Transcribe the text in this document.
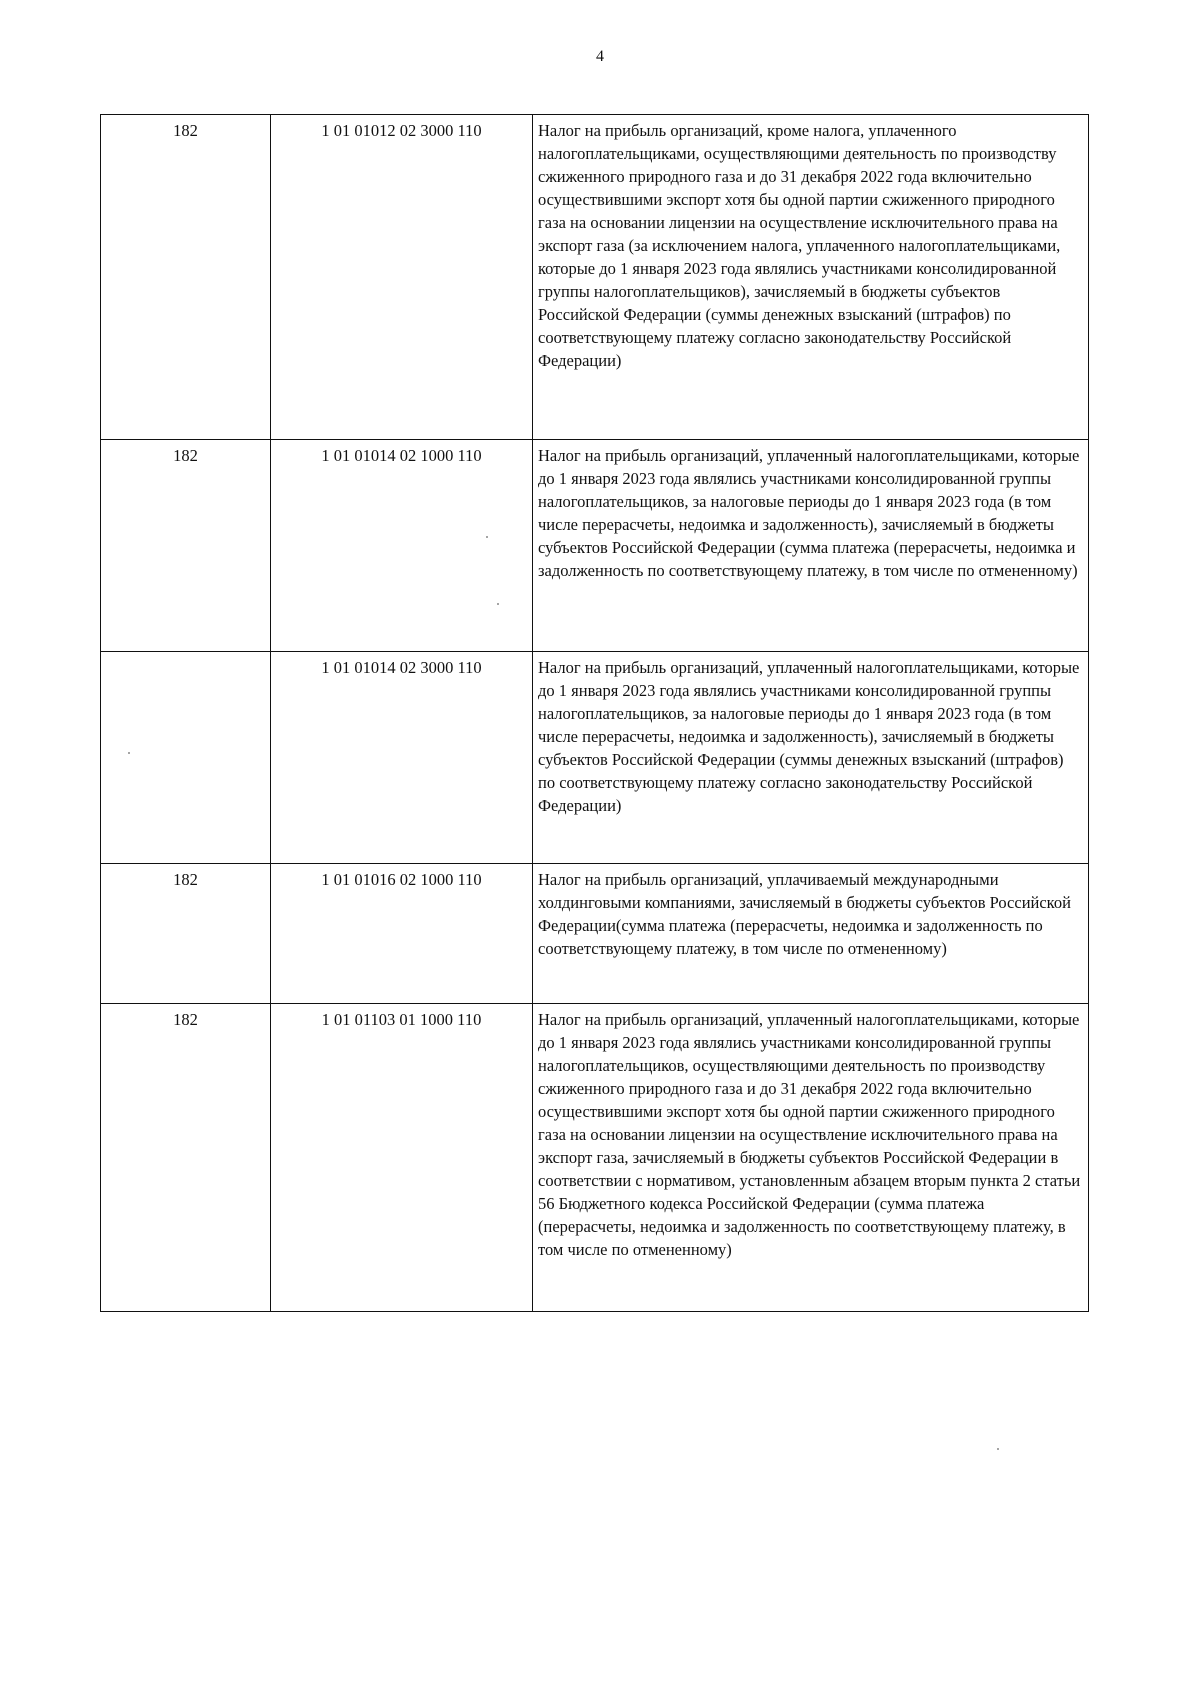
4
182	1 01 01012 02 3000 110	Налог на прибыль организаций, кроме налога, уплаченного налогоплательщиками, осуществляющими деятельность по производству сжиженного природного газа и до 31 декабря 2022 года включительно осуществившими экспорт хотя бы одной партии сжиженного природного газа на основании лицензии на осуществление исключительного права на экспорт газа (за исключением налога, уплаченного налогоплательщиками, которые до 1 января 2023 года являлись участниками консолидированной группы налогоплательщиков), зачисляемый в бюджеты субъектов Российской Федерации (суммы денежных взысканий (штрафов) по соответствующему платежу согласно законодательству Российской Федерации)
182	1 01 01014 02 1000 110	Налог на прибыль организаций, уплаченный налогоплательщиками, которые до 1 января 2023 года являлись участниками консолидированной группы налогоплательщиков, за налоговые периоды до 1 января 2023 года (в том числе перерасчеты, недоимка и задолженность), зачисляемый в бюджеты субъектов Российской Федерации (сумма платежа (перерасчеты, недоимка и задолженность по соответствующему платежу, в том числе по отмененному)
	1 01 01014 02 3000 110	Налог на прибыль организаций, уплаченный налогоплательщиками, которые до 1 января 2023 года являлись участниками консолидированной группы налогоплательщиков, за налоговые периоды до 1 января 2023 года (в том числе перерасчеты, недоимка и задолженность), зачисляемый в бюджеты субъектов Российской Федерации (суммы денежных взысканий (штрафов) по соответствующему платежу согласно законодательству Российской Федерации)
182	1 01 01016 02 1000 110	Налог на прибыль организаций, уплачиваемый международными холдинговыми компаниями, зачисляемый в бюджеты субъектов Российской Федерации(сумма платежа (перерасчеты, недоимка и задолженность по соответствующему платежу, в том числе по отмененному)
182	1 01 01103 01 1000 110	Налог на прибыль организаций, уплаченный налогоплательщиками, которые до 1 января 2023 года являлись участниками консолидированной группы налогоплательщиков, осуществляющими деятельность по производству сжиженного природного газа и до 31 декабря 2022 года включительно осуществившими экспорт хотя бы одной партии сжиженного природного газа на основании лицензии на осуществление исключительного права на экспорт газа, зачисляемый в бюджеты субъектов Российской Федерации в соответствии с нормативом, установленным абзацем вторым пункта 2 статьи 56 Бюджетного кодекса Российской Федерации (сумма платежа (перерасчеты, недоимка и задолженность по соответствующему платежу, в том числе по отмененному)
